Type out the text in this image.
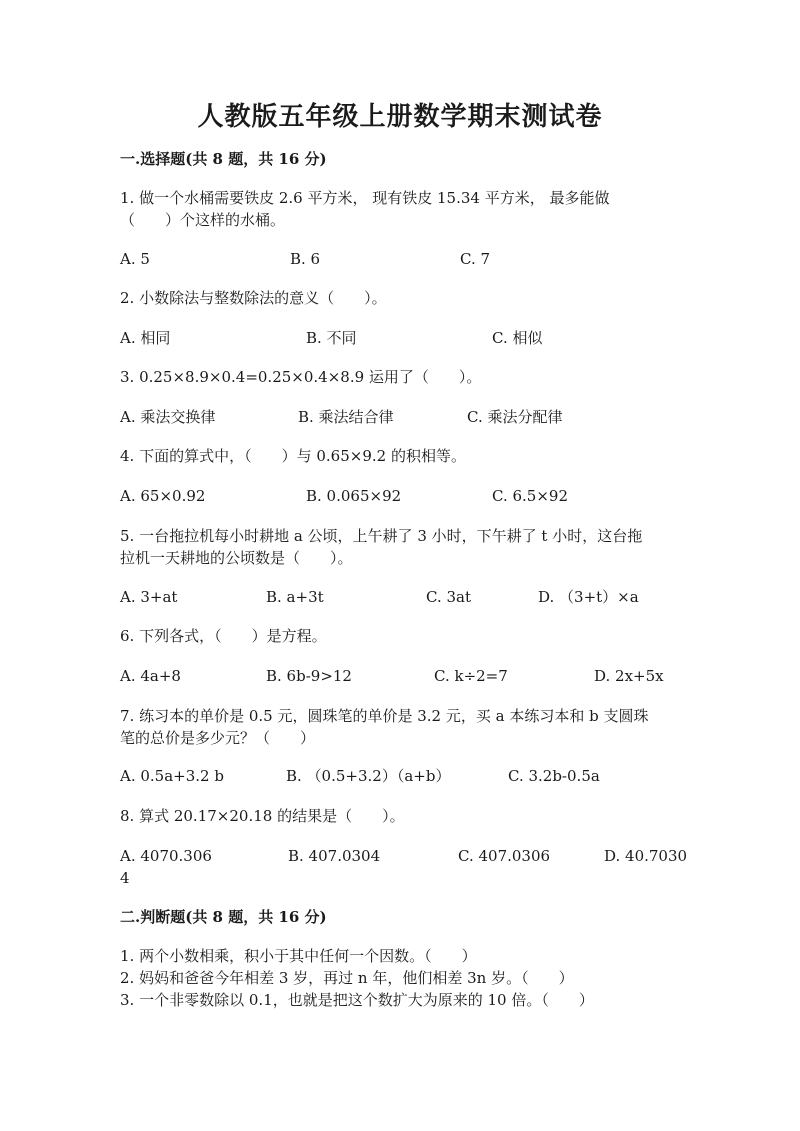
人教版五年级上册数学期末测试卷
一.选择题(共 8 题，共 16 分)
1. 做一个水桶需要铁皮 2.6 平方米， 现有铁皮 15.34 平方米， 最多能做
（　　）个这样的水桶。
A. 5	B. 6	C. 7
2. 小数除法与整数除法的意义（　　）。
A. 相同	B. 不同	C. 相似
3. 0.25×8.9×0.4=0.25×0.4×8.9 运用了（　　）。
A. 乘法交换律	B. 乘法结合律	C. 乘法分配律
4. 下面的算式中，（　　）与 0.65×9.2 的积相等。
A. 65×0.92	B. 0.065×92	C. 6.5×92
5. 一台拖拉机每小时耕地 a 公顷，上午耕了 3 小时，下午耕了 t 小时，这台拖
拉机一天耕地的公顷数是（　　）。
A. 3+at	B. a+3t	C. 3at	D. （3+t）×a
6. 下列各式，（　　）是方程。
A. 4a+8	B. 6b-9>12	C. k÷2=7	D. 2x+5x
7. 练习本的单价是 0.5 元，圆珠笔的单价是 3.2 元，买 a 本练习本和 b 支圆珠
笔的总价是多少元？（　　）
A. 0.5a+3.2 b	B. （0.5+3.2）（a+b）	C. 3.2b-0.5a
8. 算式 20.17×20.18 的结果是（　　）。
A. 4070.306	B. 407.0304	C. 407.0306	D. 40.7030
4
二.判断题(共 8 题，共 16 分)
1. 两个小数相乘，积小于其中任何一个因数。（　　）
2. 妈妈和爸爸今年相差 3 岁，再过 n 年，他们相差 3n 岁。（　　）
3. 一个非零数除以 0.1，也就是把这个数扩大为原来的 10 倍。（　　）
